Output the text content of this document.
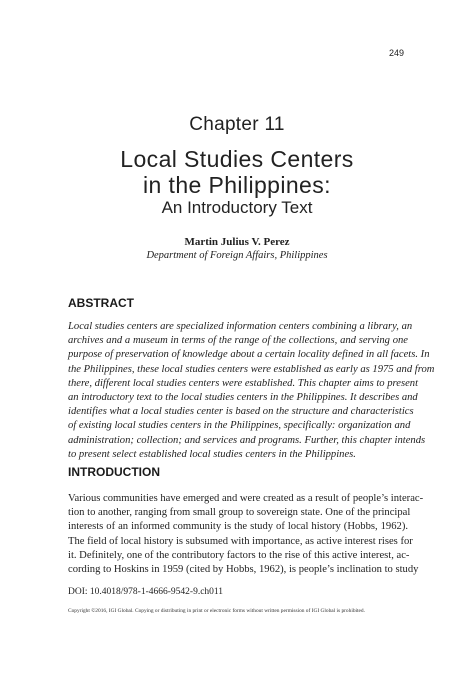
249
Chapter 11
Local Studies Centers
in the Philippines:
An Introductory Text
Martin Julius V. Perez
Department of Foreign Affairs, Philippines
ABSTRACT
Local studies centers are specialized information centers combining a library, an
archives and a museum in terms of the range of the collections, and serving one
purpose of preservation of knowledge about a certain locality defined in all facets. In
the Philippines, these local studies centers were established as early as 1975 and from
there, different local studies centers were established. This chapter aims to present
an introductory text to the local studies centers in the Philippines. It describes and
identifies what a local studies center is based on the structure and characteristics
of existing local studies centers in the Philippines, specifically: organization and
administration; collection; and services and programs. Further, this chapter intends
to present select established local studies centers in the Philippines.
INTRODUCTION
Various communities have emerged and were created as a result of people’s interac-
tion to another, ranging from small group to sovereign state. One of the principal
interests of an informed community is the study of local history (Hobbs, 1962).
The field of local history is subsumed with importance, as active interest rises for
it. Definitely, one of the contributory factors to the rise of this active interest, ac-
cording to Hoskins in 1959 (cited by Hobbs, 1962), is people’s inclination to study
DOI: 10.4018/978-1-4666-9542-9.ch011
Copyright ©2016, IGI Global. Copying or distributing in print or electronic forms without written permission of IGI Global is prohibited.
